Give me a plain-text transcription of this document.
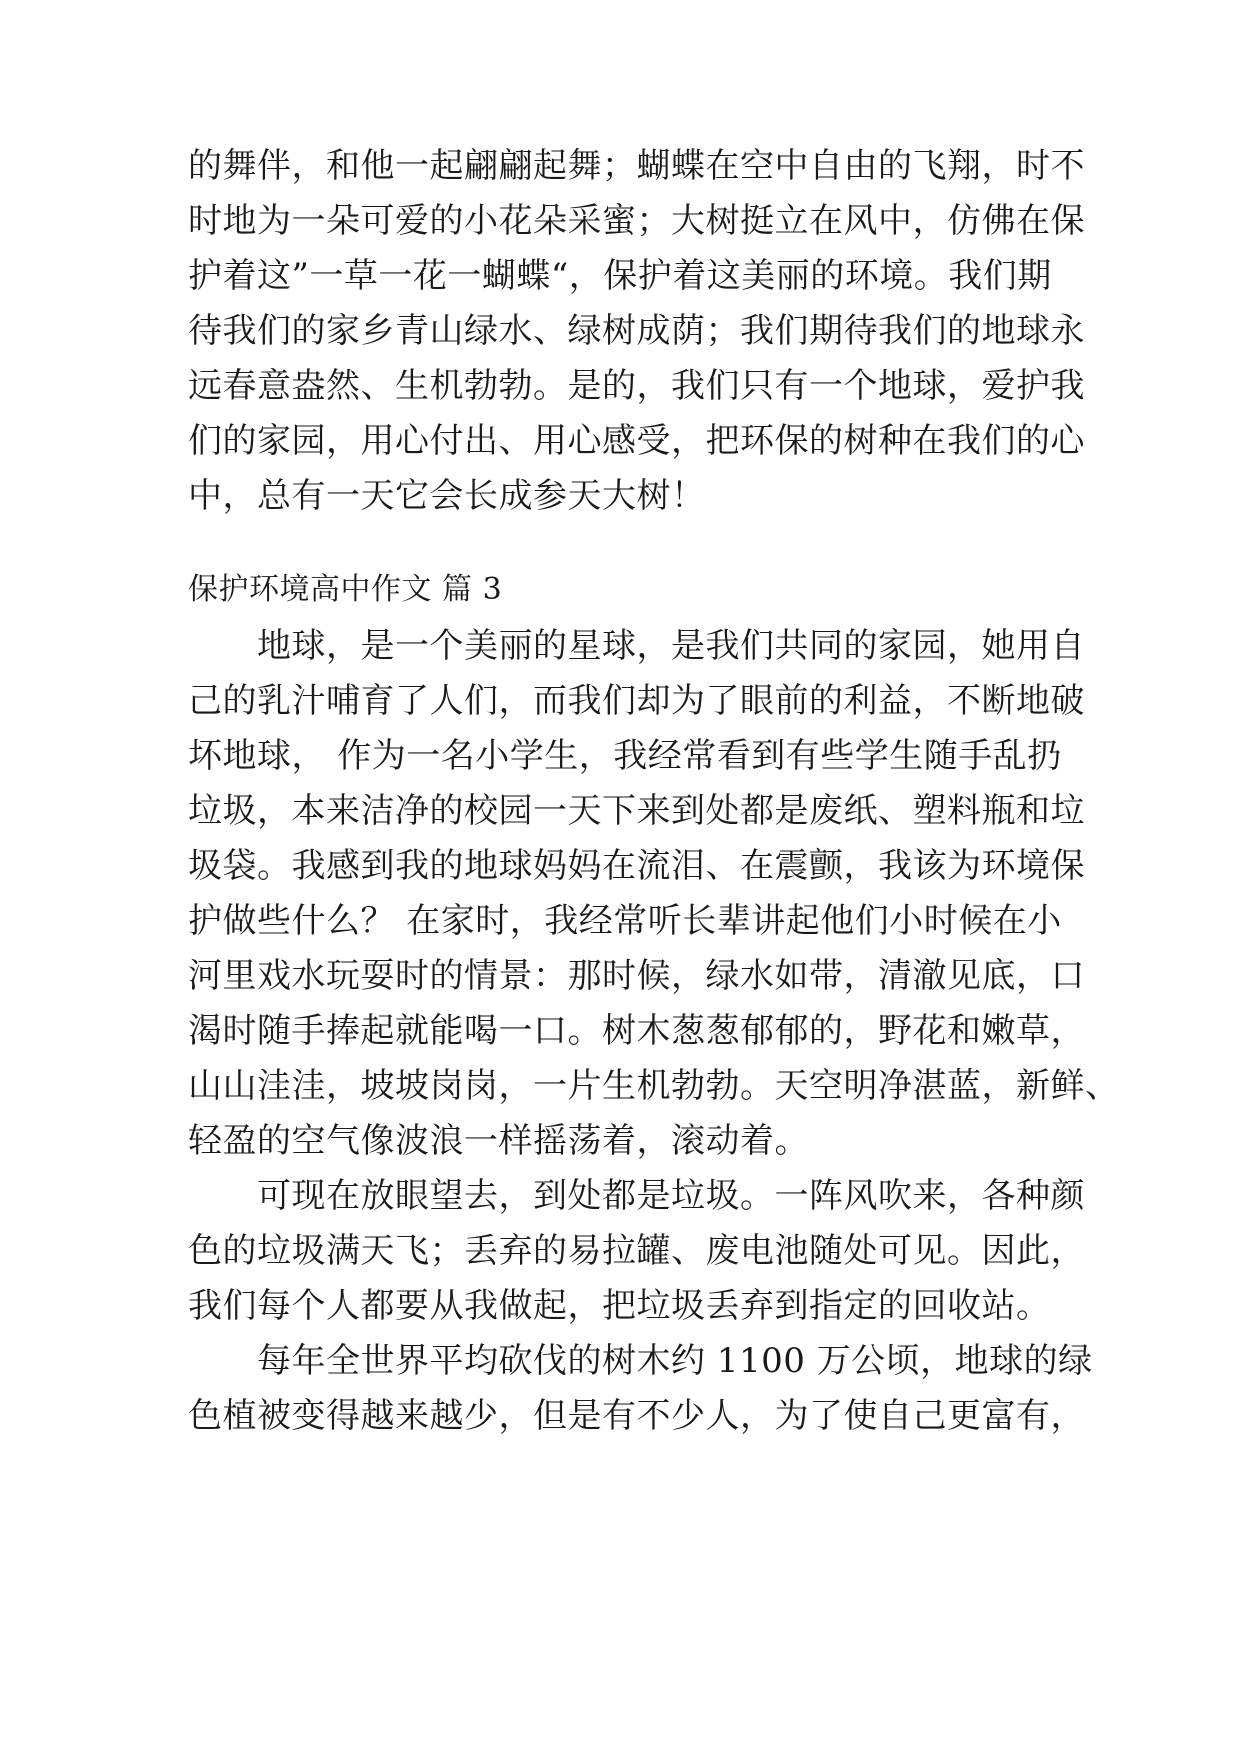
的舞伴，和他一起翩翩起舞；蝴蝶在空中自由的飞翔，时不
时地为一朵可爱的小花朵采蜜；大树挺立在风中，仿佛在保
护着这”一草一花一蝴蝶“，保护着这美丽的环境。我们期
待我们的家乡青山绿水、绿树成荫；我们期待我们的地球永
远春意盎然、生机勃勃。是的，我们只有一个地球，爱护我
们的家园，用心付出、用心感受，把环保的树种在我们的心
中，总有一天它会长成参天大树！
保护环境高中作文 篇 3
　　地球，是一个美丽的星球，是我们共同的家园，她用自
己的乳汁哺育了人们，而我们却为了眼前的利益，不断地破
坏地球， 作为一名小学生，我经常看到有些学生随手乱扔
垃圾，本来洁净的校园一天下来到处都是废纸、塑料瓶和垃
圾袋。我感到我的地球妈妈在流泪、在震颤，我该为环境保
护做些什么？ 在家时，我经常听长辈讲起他们小时候在小
河里戏水玩耍时的情景：那时候，绿水如带，清澈见底，口
渴时随手捧起就能喝一口。树木葱葱郁郁的，野花和嫩草，
山山洼洼，坡坡岗岗，一片生机勃勃。天空明净湛蓝，新鲜、
轻盈的空气像波浪一样摇荡着，滚动着。
　　可现在放眼望去，到处都是垃圾。一阵风吹来，各种颜
色的垃圾满天飞；丢弃的易拉罐、废电池随处可见。因此，
我们每个人都要从我做起，把垃圾丢弃到指定的回收站。
　　每年全世界平均砍伐的树木约 1100 万公顷，地球的绿
色植被变得越来越少，但是有不少人，为了使自己更富有，
